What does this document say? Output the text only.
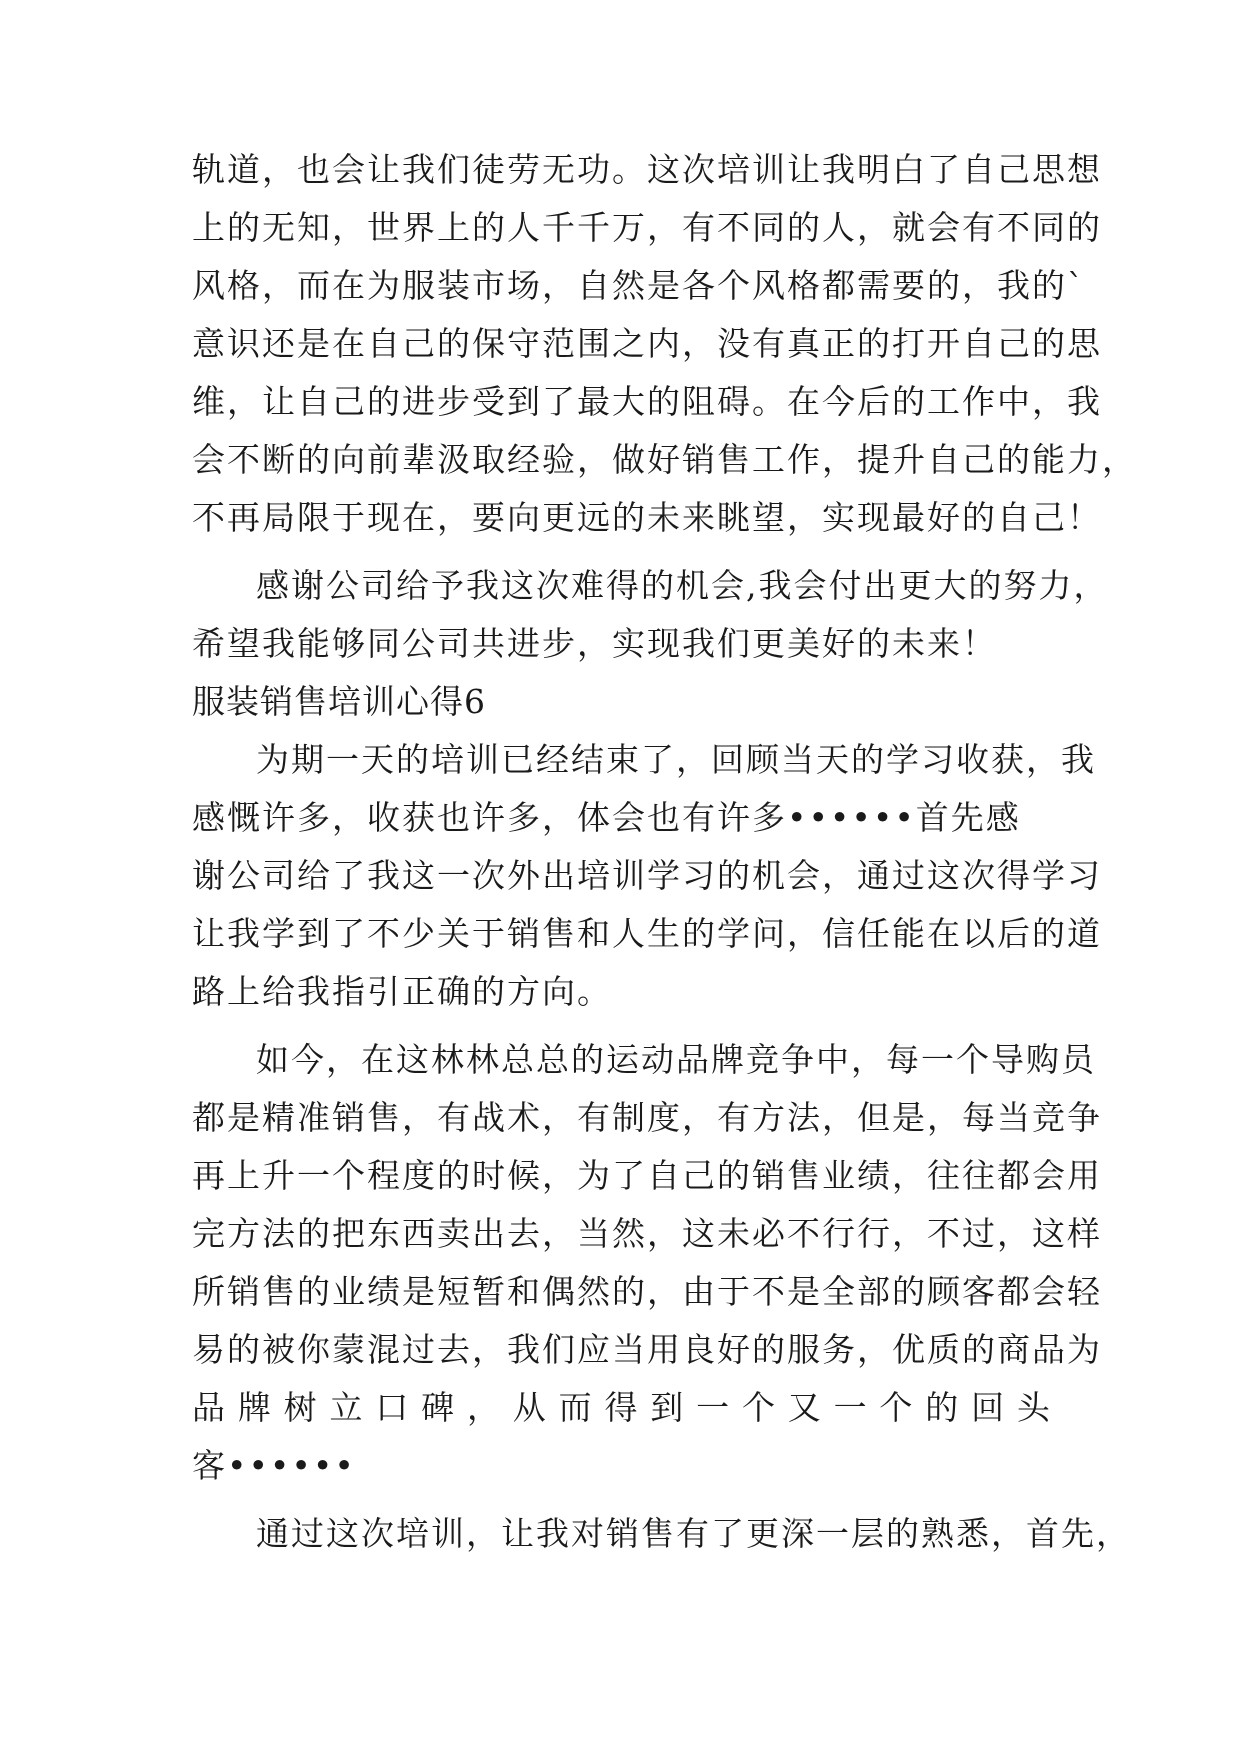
轨道，也会让我们徒劳无功。这次培训让我明白了自己思想
上的无知，世界上的人千千万，有不同的人，就会有不同的
风格，而在为服装市场，自然是各个风格都需要的，我的`
意识还是在自己的保守范围之内，没有真正的打开自己的思
维，让自己的进步受到了最大的阻碍。在今后的工作中，我
会不断的向前辈汲取经验，做好销售工作，提升自己的能力，
不再局限于现在，要向更远的未来眺望，实现最好的自己！
感谢公司给予我这次难得的机会,我会付出更大的努力，
希望我能够同公司共进步，实现我们更美好的未来！
服装销售培训心得6
为期一天的培训已经结束了，回顾当天的学习收获，我
感慨许多，收获也许多，体会也有许多••••••首先感
谢公司给了我这一次外出培训学习的机会，通过这次得学习
让我学到了不少关于销售和人生的学问，信任能在以后的道
路上给我指引正确的方向。
如今，在这林林总总的运动品牌竞争中，每一个导购员
都是精准销售，有战术，有制度，有方法，但是，每当竞争
再上升一个程度的时候，为了自己的销售业绩，往往都会用
完方法的把东西卖出去，当然，这未必不行行，不过，这样
所销售的业绩是短暂和偶然的，由于不是全部的顾客都会轻
易的被你蒙混过去，我们应当用良好的服务，优质的商品为
品 牌 树 立 口 碑 ， 从 而 得 到 一 个 又 一 个 的 回 头
客••••••
通过这次培训，让我对销售有了更深一层的熟悉，首先，
